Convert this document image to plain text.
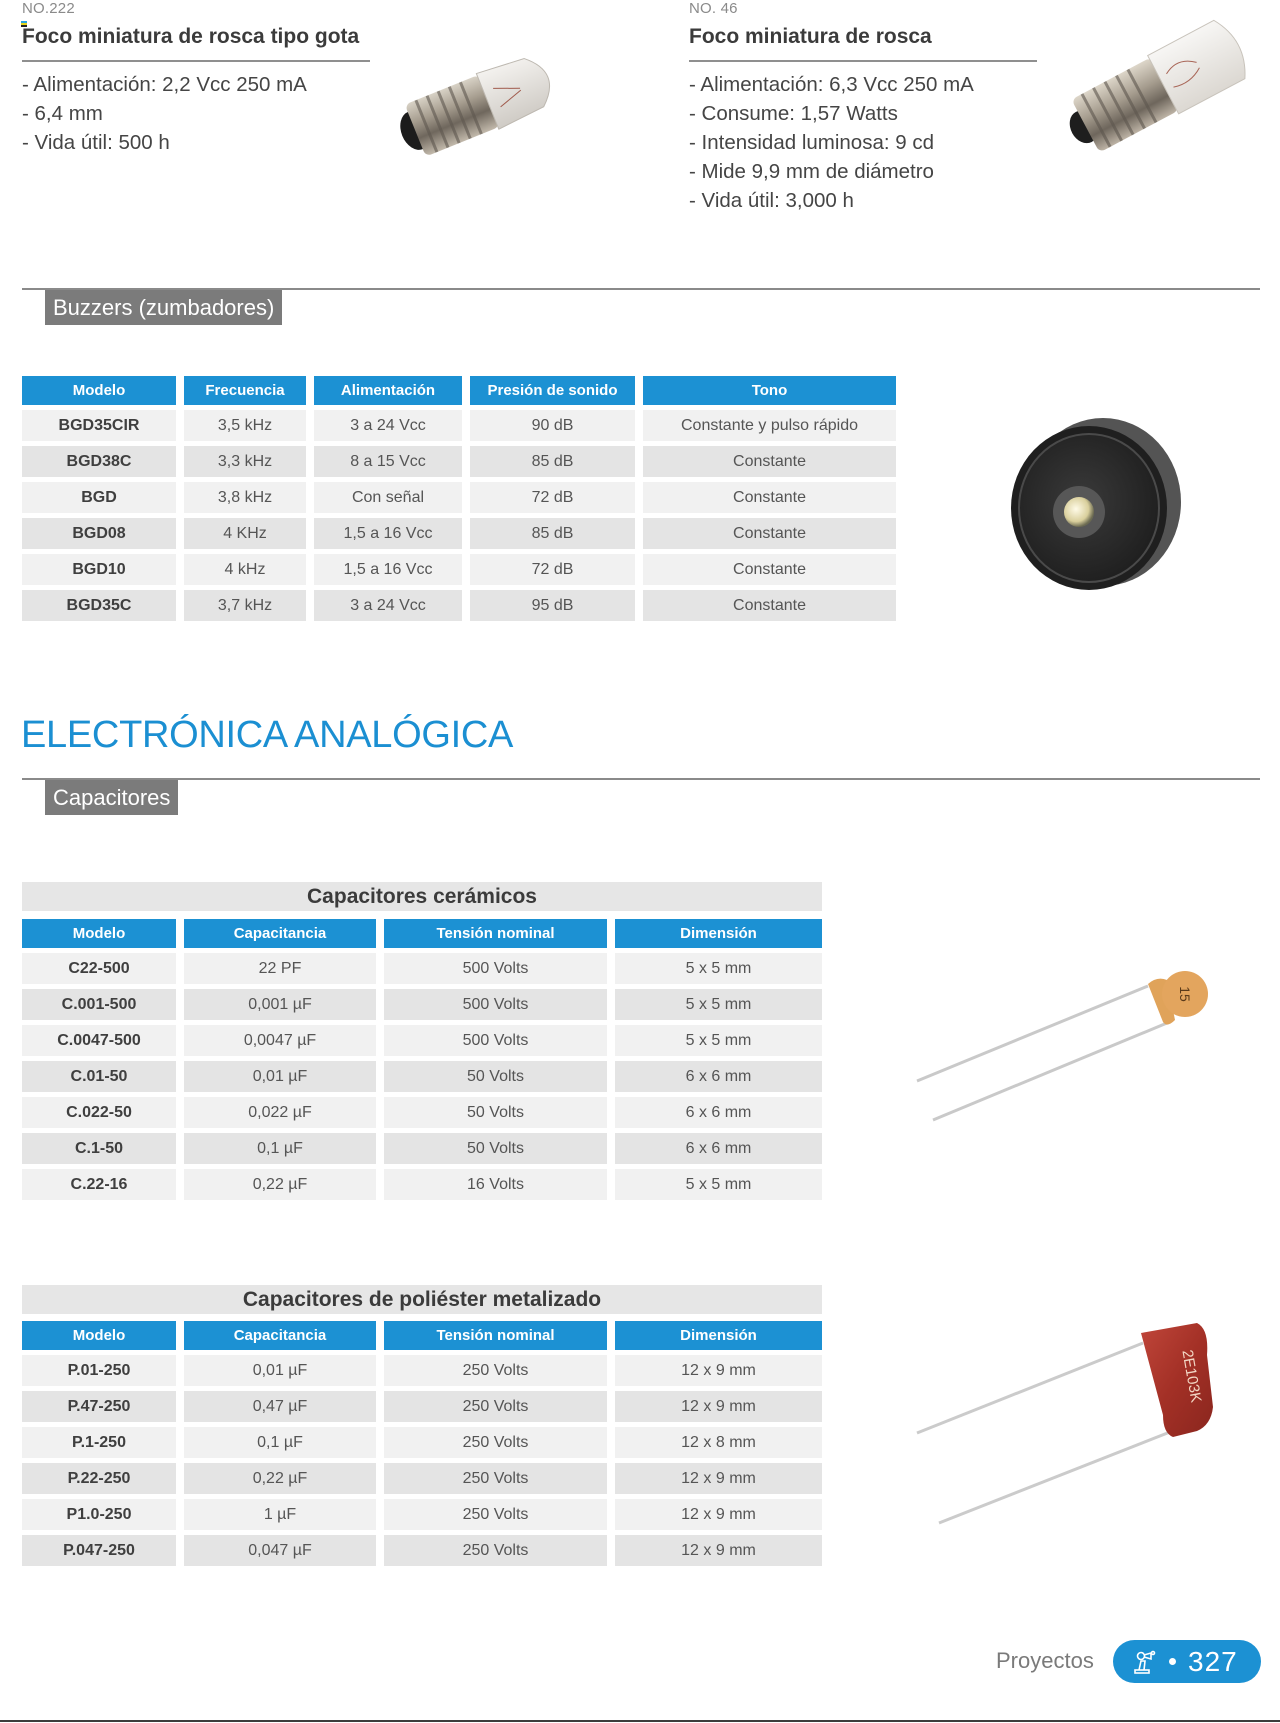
NO.222
Foco miniatura de rosca tipo gota
- Alimentación: 2,2 Vcc 250 mA
- 6,4 mm
- Vida útil: 500 h
NO. 46
Foco miniatura de rosca
- Alimentación: 6,3 Vcc 250 mA
- Consume: 1,57 Watts
- Intensidad luminosa: 9 cd
- Mide 9,9 mm de diámetro
- Vida útil: 3,000 h
Buzzers (zumbadores)
Modelo	Frecuencia	Alimentación	Presión de sonido	Tono
BGD35CIR	3,5 kHz	3 a 24 Vcc	90 dB	Constante y pulso rápido
BGD38C	3,3 kHz	8 a 15 Vcc	85 dB	Constante
BGD	3,8 kHz	Con señal	72 dB	Constante
BGD08	4 KHz	1,5 a 16 Vcc	85 dB	Constante
BGD10	4 kHz	1,5 a 16 Vcc	72 dB	Constante
BGD35C	3,7 kHz	3 a 24 Vcc	95 dB	Constante
ELECTRÓNICA ANALÓGICA
Capacitores
Capacitores cerámicos
Modelo	Capacitancia	Tensión nominal	Dimensión
C22-500	22 PF	500 Volts	5 x 5 mm
C.001-500	0,001 µF	500 Volts	5 x 5 mm
C.0047-500	0,0047 µF	500 Volts	5 x 5 mm
C.01-50	0,01 µF	50 Volts	6 x 6 mm
C.022-50	0,022 µF	50 Volts	6 x 6 mm
C.1-50	0,1 µF	50 Volts	6 x 6 mm
C.22-16	0,22 µF	16 Volts	5 x 5 mm
15
Capacitores de poliéster metalizado
Modelo	Capacitancia	Tensión nominal	Dimensión
P.01-250	0,01 µF	250 Volts	12 x 9 mm
P.47-250	0,47 µF	250 Volts	12 x 9 mm
P.1-250	0,1 µF	250 Volts	12 x 8 mm
P.22-250	0,22 µF	250 Volts	12 x 9 mm
P1.0-250	1 µF	250 Volts	12 x 9 mm
P.047-250	0,047 µF	250 Volts	12 x 9 mm
2E103K
Proyectos	327
